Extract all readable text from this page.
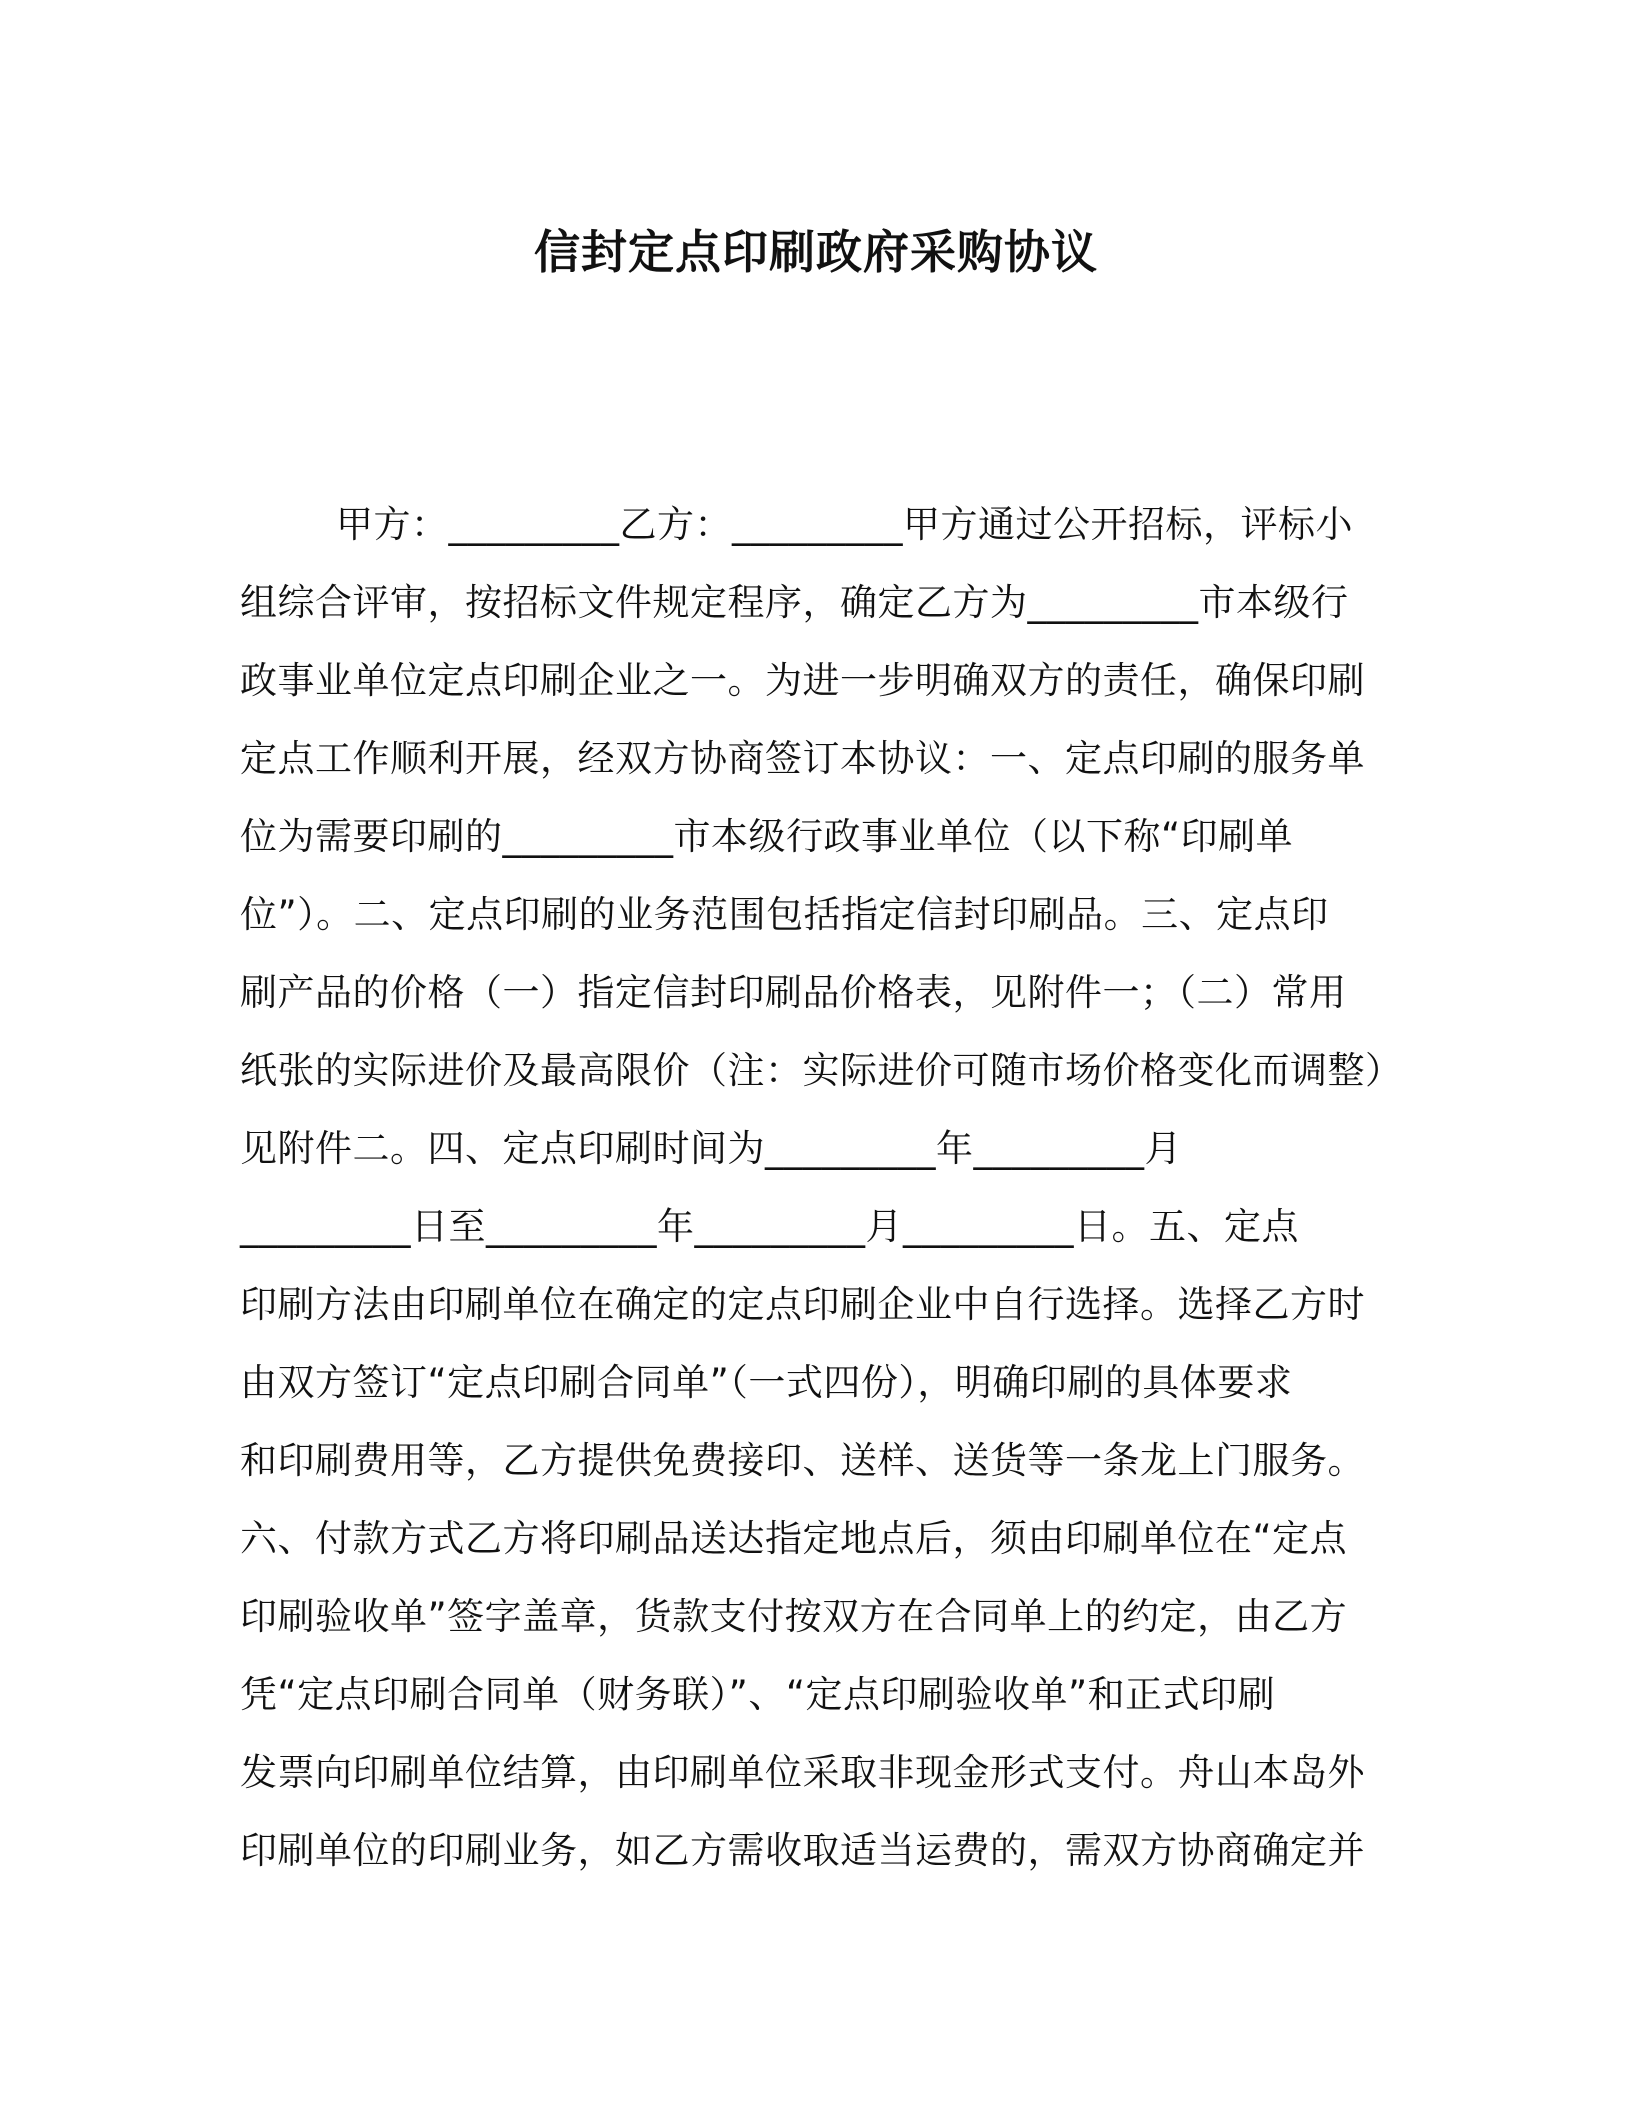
信封定点印刷政府采购协议
甲方：_________乙方：_________甲方通过公开招标，评标小
组综合评审，按招标文件规定程序，确定乙方为_________市本级行
政事业单位定点印刷企业之一。为进一步明确双方的责任，确保印刷
定点工作顺利开展，经双方协商签订本协议：一、定点印刷的服务单
位为需要印刷的_________市本级行政事业单位（以下称“印刷单
位”）。二、定点印刷的业务范围包括指定信封印刷品。三、定点印
刷产品的价格（一）指定信封印刷品价格表，见附件一；（二）常用
纸张的实际进价及最高限价（注：实际进价可随市场价格变化而调整）
见附件二。四、定点印刷时间为_________年_________月
_________日至_________年_________月_________日。五、定点
印刷方法由印刷单位在确定的定点印刷企业中自行选择。选择乙方时
由双方签订“定点印刷合同单”（一式四份），明确印刷的具体要求
和印刷费用等，乙方提供免费接印、送样、送货等一条龙上门服务。
六、付款方式乙方将印刷品送达指定地点后，须由印刷单位在“定点
印刷验收单”签字盖章，货款支付按双方在合同单上的约定，由乙方
凭“定点印刷合同单（财务联）”、“定点印刷验收单”和正式印刷
发票向印刷单位结算，由印刷单位采取非现金形式支付。舟山本岛外
印刷单位的印刷业务，如乙方需收取适当运费的，需双方协商确定并
